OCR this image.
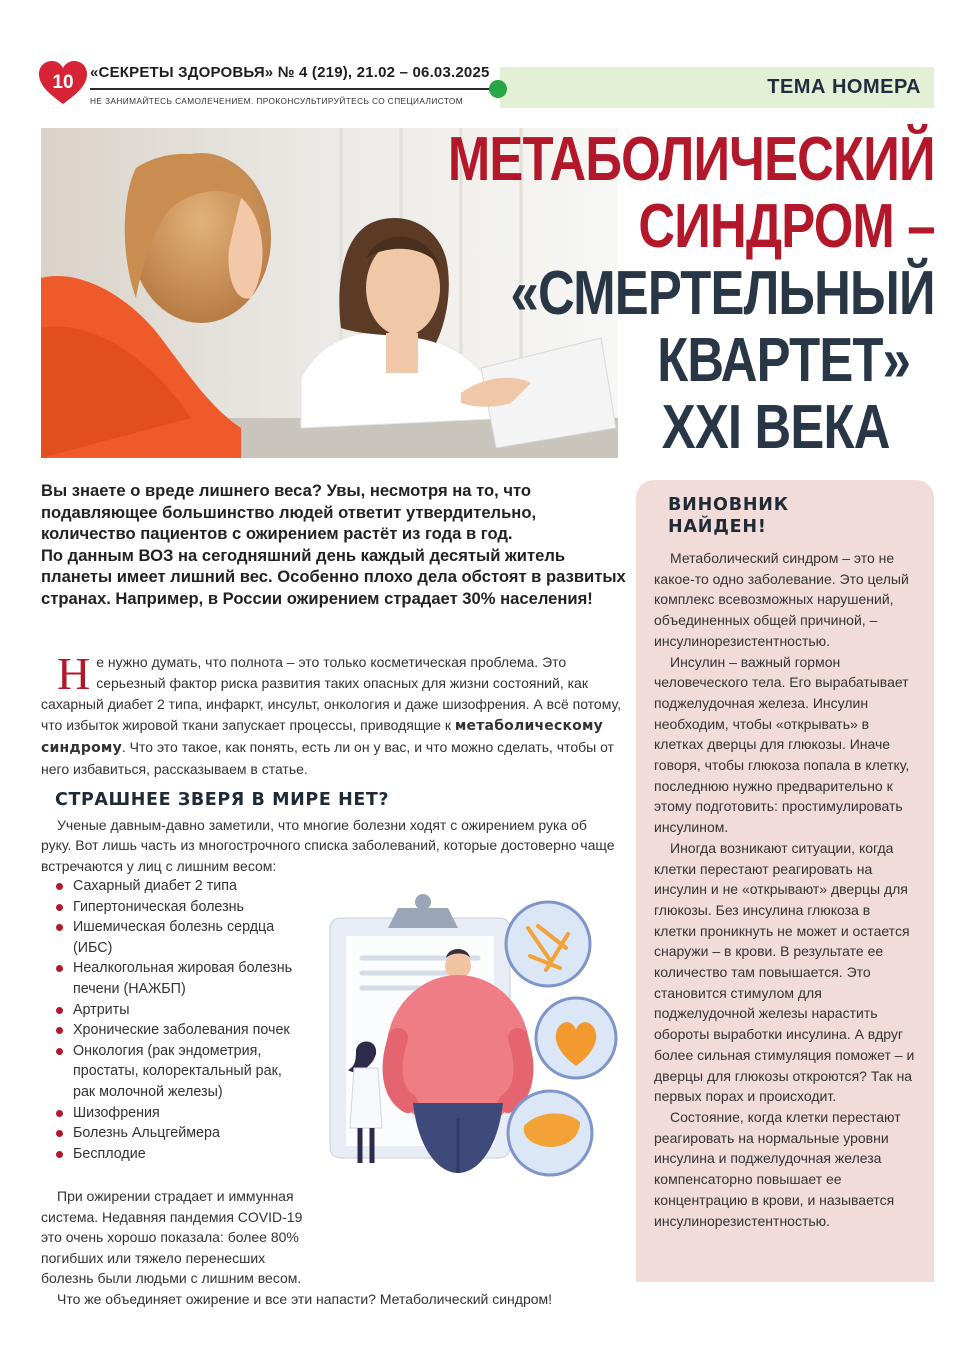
10	«СЕКРЕТЫ ЗДОРОВЬЯ» № 4 (219), 21.02 – 06.03.2025
НЕ ЗАНИМАЙТЕСЬ САМОЛЕЧЕНИЕМ. ПРОКОНСУЛЬТИРУЙТЕСЬ СО СПЕЦИАЛИСТОМ
ТЕМА НОМЕРА
МЕТАБОЛИЧЕСКИЙ
СИНДРОМ –
«СМЕРТЕЛЬНЫЙ
КВАРТЕТ»
XXI ВЕКА

Вы знаете о вреде лишнего веса? Увы, несмотря на то, что подавляющее большинство людей ответит утвердительно, количество пациентов с ожирением растёт из года в год.

По данным ВОЗ на сегодняшний день каждый десятый житель планеты имеет лишний вес. Особенно плохо дела обстоят в развитых странах. Например, в России ожирением страдает 30% населения!

Не нужно думать, что полнота – это только косметическая проблема. Это серьезный фактор риска развития таких опасных для жизни состояний, как сахарный диабет 2 типа, инфаркт, инсульт, онкология и даже шизофрения. А всё потому, что избыток жировой ткани запускает процессы, приводящие к метаболическому синдрому. Что это такое, как понять, есть ли он у вас, и что можно сделать, чтобы от него избавиться, рассказываем в статье.
СТРАШНЕЕ ЗВЕРЯ В МИРЕ НЕТ?
Ученые давным-давно заметили, что многие болезни ходят с ожирением рука об руку. Вот лишь часть из многострочного списка заболеваний, которые достоверно чаще встречаются у лиц с лишним весом:
Сахарный диабет 2 типа
Гипертоническая болезнь
Ишемическая болезнь сердца (ИБС)
Неалкогольная жировая болезнь печени (НАЖБП)
Артриты
Хронические заболевания почек
Онкология (рак эндометрия, простаты, колоректальный рак, рак молочной железы)
Шизофрения
Болезнь Альцгеймера
Бесплодие

При ожирении страдает и иммунная система. Недавняя пандемия COVID-19 это очень хорошо показала: более 80% погибших или тяжело перенесших болезнь были людьми с лишним весом.

Что же объединяет ожирение и все эти напасти? Метаболический синдром!

ВИНОВНИК
НАЙДЕН!

Метаболический синдром – это не какое-то одно заболевание. Это целый комплекс всевозможных нарушений, объединенных общей причиной, – инсулинорезистентностью.

Инсулин – важный гормон человеческого тела. Его вырабатывает поджелудочная железа. Инсулин необходим, чтобы «открывать» в клетках дверцы для глюкозы. Иначе говоря, чтобы глюкоза попала в клетку, последнюю нужно предварительно к этому подготовить: простимулировать инсулином.

Иногда возникают ситуации, когда клетки перестают реагировать на инсулин и не «открывают» дверцы для глюкозы. Без инсулина глюкоза в клетки проникнуть не может и остается снаружи – в крови. В результате ее количество там повышается. Это становится стимулом для поджелудочной железы нарастить обороты выработки инсулина. А вдруг более сильная стимуляция поможет – и дверцы для глюкозы откроются? Так на первых порах и происходит.

Состояние, когда клетки перестают реагировать на нормальные уровни инсулина и поджелудочная железа компенсаторно повышает ее концентрацию в крови, и называется инсулинорезистентностью.
